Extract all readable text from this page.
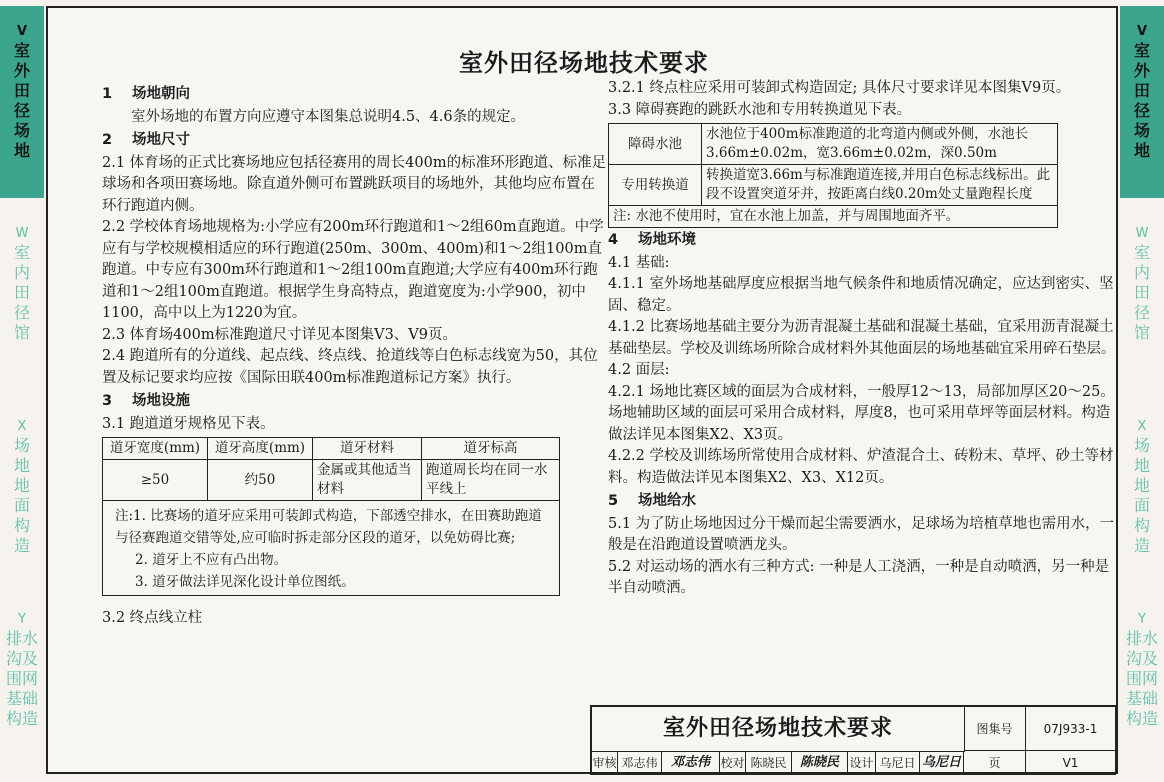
V
室
外
田
径
场
地
W
室
内
田
径
馆
X
场
地
地
面
构
造
Y
排水
沟及
围网
基础
构造
V
室
外
田
径
场
地
W
室
内
田
径
馆
X
场
地
地
面
构
造
Y
排水
沟及
围网
基础
构造
室外田径场地技术要求
1 场地朝向

室外场地的布置方向应遵守本图集总说明4.5、4.6条的规定。

2 场地尺寸

2.1 体育场的正式比赛场地应包括径赛用的周长400m的标准环形跑道、标准足球场和各项田赛场地。除直道外侧可布置跳跃项目的场地外，其他均应布置在环行跑道内侧。

2.2 学校体育场地规格为:小学应有200m环行跑道和1～2组60m直跑道。中学应有与学校规模相适应的环行跑道(250m、300m、400m)和1～2组100m直跑道。中专应有300m环行跑道和1～2组100m直跑道;大学应有400m环行跑道和1～2组100m直跑道。根据学生身高特点，跑道宽度为:小学900，初中1100，高中以上为1220为宜。

2.3 体育场400m标准跑道尺寸详见本图集V3、V9页。

2.4 跑道所有的分道线、起点线、终点线、抢道线等白色标志线宽为50，其位置及标记要求均应按《国际田联400m标准跑道标记方案》执行。

3 场地设施

3.1 跑道道牙规格见下表。

道牙宽度(mm)	道牙高度(mm)	道牙材料	道牙标高
≥50	约50	金属或其他适当材料	跑道周长均在同一水平线上

注:1. 比赛场的道牙应采用可装卸式构造，下部透空排水，在田赛助跑道与径赛跑道交错等处,应可临时拆走部分区段的道牙，以免妨碍比赛;
2. 道牙上不应有凸出物。
3. 道牙做法详见深化设计单位图纸。			

3.2 终点线立柱

3.2.1 终点柱应采用可装卸式构造固定; 具体尺寸要求详见本图集V9页。

3.3 障碍赛跑的跳跃水池和专用转换道见下表。

障碍水池	水池位于400m标准跑道的北弯道内侧或外侧，水池长3.66m±0.02m，宽3.66m±0.02m，深0.50m
专用转换道	转换道宽3.66m与标准跑道连接,并用白色标志线标出。此段不设置突道牙并，按距离白线0.20m处丈量跑程长度
注: 水池不使用时，宜在水池上加盖，并与周围地面齐平。	
4 场地环境

4.1 基础:

4.1.1 室外场地基础厚度应根据当地气候条件和地质情况确定，应达到密实、坚固、稳定。

4.1.2 比赛场地基础主要分为沥青混凝土基础和混凝土基础，宜采用沥青混凝土基础垫层。学校及训练场所除合成材料外其他面层的场地基础宜采用碎石垫层。

4.2 面层:

4.2.1 场地比赛区域的面层为合成材料，一般厚12～13，局部加厚区20～25。场地辅助区域的面层可采用合成材料，厚度8，也可采用草坪等面层材料。构造做法详见本图集X2、X3页。

4.2.2 学校及训练场所常使用合成材料、炉渣混合土、砖粉末、草坪、砂土等材料。构造做法详见本图集X2、X3、X12页。

5 场地给水

5.1 为了防止场地因过分干燥而起尘需要洒水，足球场为培植草地也需用水，一般是在沿跑道设置喷洒龙头。

5.2 对运动场的洒水有三种方式: 一种是人工浇洒，一种是自动喷洒，另一种是半自动喷洒。

室外田径场地技术要求	图集号	07J933-1
审核 邓志伟	邓志伟 校对 陈晓民	陈晓民 设计 乌尼日 乌尼日	页	V1
